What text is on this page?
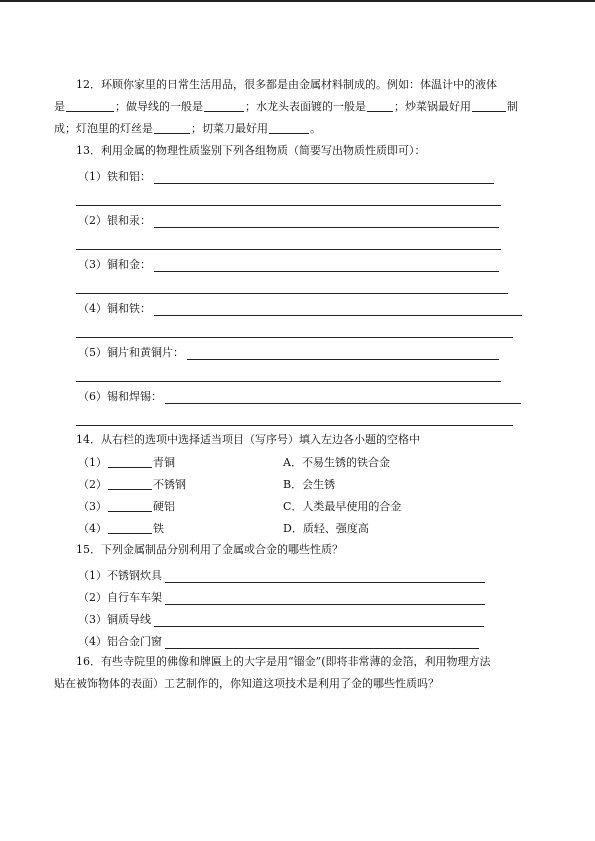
12．环顾你家里的日常生活用品，很多都是由金属材料制成的。例如：体温计中的液体
是	；做导线的一般是	；水龙头表面镀的一般是	；炒菜锅最好用	制
成；灯泡里的灯丝是	；切菜刀最好用	。
13．利用金属的物理性质鉴别下列各组物质（简要写出物质性质即可）：
（1）铁和铝：
（2）银和汞：
（3）铜和金：
（4）铜和铁：
（5）铜片和黄铜片：
（6）锡和焊锡：
14．从右栏的选项中选择适当项目（写序号）填入左边各小题的空格中
（1）	青铜	A．不易生锈的铁合金
（2）	不锈钢	B．会生锈
（3）	硬铝	C．人类最早使用的合金
（4）	铁	D．质轻、强度高
15．下列金属制品分别利用了金属或合金的哪些性质？
（1）不锈钢炊具
（2）自行车车架
（3）铜质导线
（4）铝合金门窗
16．有些寺院里的佛像和牌匾上的大字是用“镏金”(即将非常薄的金箔，利用物理方法
贴在被饰物体的表面）工艺制作的，你知道这项技术是利用了金的哪些性质吗？
